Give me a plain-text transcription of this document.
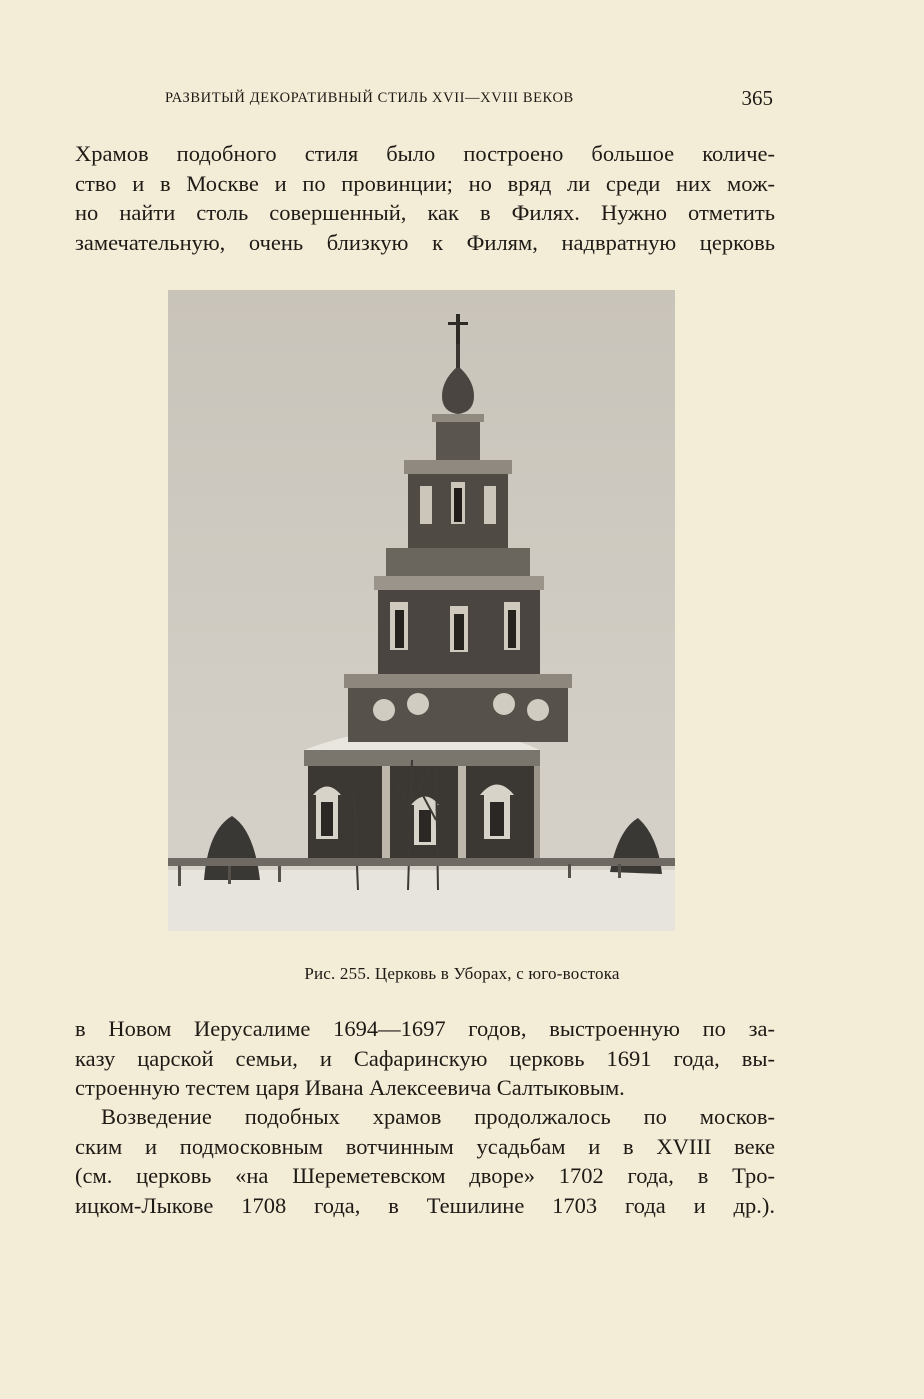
РАЗВИТЫЙ ДЕКОРАТИВНЫЙ СТИЛЬ XVII—XVIII ВЕКОВ	365

Храмов подобного стиля было построено большое количе-
ство и в Москве и по провинции; но вряд ли среди них мож-
но найти столь совершенный, как в Филях. Нужно отметить
замечательную, очень близкую к Филям, надвратную церковь

Рис. 255. Церковь в Уборах, с юго-востока

в Новом Иерусалиме 1694—1697 годов, выстроенную по за-
казу царской семьи, и Сафаринскую церковь 1691 года, вы-
строенную тестем царя Ивана Алексеевича Салтыковым.

Возведение подобных храмов продолжалось по москов-
ским и подмосковным вотчинным усадьбам и в XVIII веке
(см. церковь «на Шереметевском дворе» 1702 года, в Тро-
ицком-Лыкове 1708 года, в Тешилине 1703 года и др.).
